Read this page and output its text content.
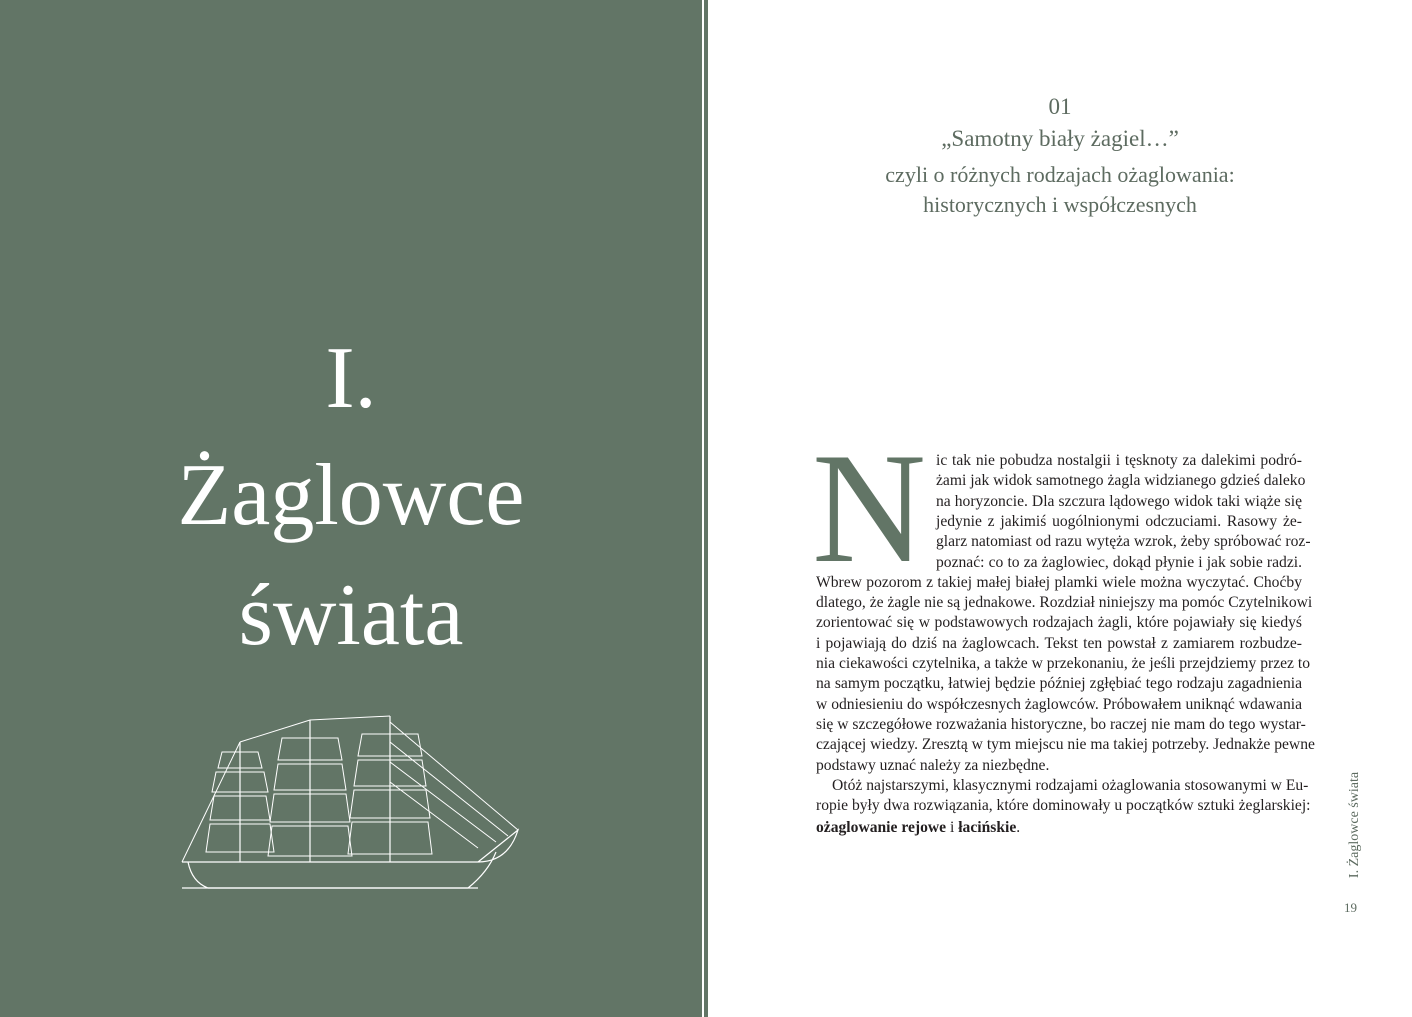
I.
Żaglowce
świata
01
„Samotny biały żagiel…”
czyli o różnych rodzajach ożaglowania:
historycznych i współczesnych
N ic tak nie pobudza nostalgii i tęsknoty za dalekimi podró-
żami jak widok samotnego żagla widzianego gdzieś daleko
na horyzoncie. Dla szczura lądowego widok taki wiąże się
jedynie z jakimiś uogólnionymi odczuciami. Rasowy że-
glarz natomiast od razu wytęża wzrok, żeby spróbować roz-
poznać: co to za żaglowiec, dokąd płynie i jak sobie radzi.
Wbrew pozorom z takiej małej białej plamki wiele można wyczytać. Choćby
dlatego, że żagle nie są jednakowe. Rozdział niniejszy ma pomóc Czytelnikowi
zorientować się w podstawowych rodzajach żagli, które pojawiały się kiedyś
i pojawiają do dziś na żaglowcach. Tekst ten powstał z zamiarem rozbudze-
nia ciekawości czytelnika, a także w przekonaniu, że jeśli przejdziemy przez to
na samym początku, łatwiej będzie później zgłębiać tego rodzaju zagadnienia
w odniesieniu do współczesnych żaglowców. Próbowałem uniknąć wdawania
się w szczegółowe rozważania historyczne, bo raczej nie mam do tego wystar-
czającej wiedzy. Zresztą w tym miejscu nie ma takiej potrzeby. Jednakże pewne
podstawy uznać należy za niezbędne.
Otóż najstarszymi, klasycznymi rodzajami ożaglowania stosowanymi w Eu-
ropie były dwa rozwiązania, które dominowały u początków sztuki żeglarskiej:
ożaglowanie rejowe i łacińskie.	I. Żaglowce świata
19
